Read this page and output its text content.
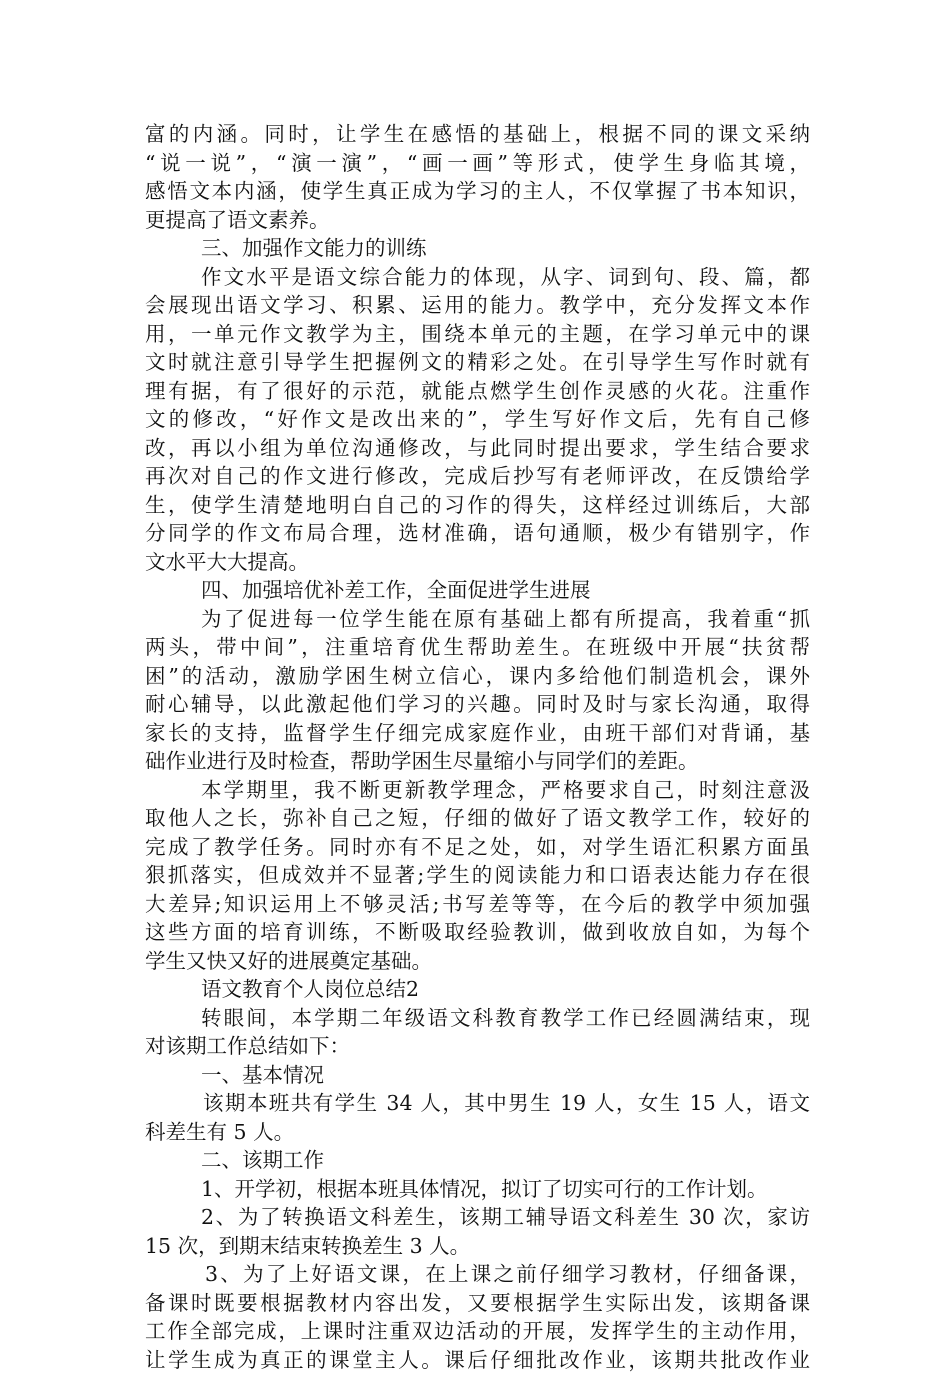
富的内涵。同时，让学生在感悟的基础上，根据不同的课文采纳
“说一说”，“演一演”，“画一画”等形式，使学生身临其境，
感悟文本内涵，使学生真正成为学习的主人，不仅掌握了书本知识，
更提高了语文素养。
三、加强作文能力的训练
作文水平是语文综合能力的体现，从字、词到句、段、篇，都
会展现出语文学习、积累、运用的能力。教学中，充分发挥文本作
用，一单元作文教学为主，围绕本单元的主题，在学习单元中的课
文时就注意引导学生把握例文的精彩之处。在引导学生写作时就有
理有据，有了很好的示范，就能点燃学生创作灵感的火花。注重作
文的修改，“好作文是改出来的”，学生写好作文后，先有自己修
改，再以小组为单位沟通修改，与此同时提出要求，学生结合要求
再次对自己的作文进行修改，完成后抄写有老师评改，在反馈给学
生，使学生清楚地明白自己的习作的得失，这样经过训练后，大部
分同学的作文布局合理，选材准确，语句通顺，极少有错别字，作
文水平大大提高。
四、加强培优补差工作，全面促进学生进展
为了促进每一位学生能在原有基础上都有所提高，我着重“抓
两头，带中间”，注重培育优生帮助差生。在班级中开展“扶贫帮
困”的活动，激励学困生树立信心，课内多给他们制造机会，课外
耐心辅导，以此激起他们学习的兴趣。同时及时与家长沟通，取得
家长的支持，监督学生仔细完成家庭作业，由班干部们对背诵，基
础作业进行及时检查，帮助学困生尽量缩小与同学们的差距。
本学期里，我不断更新教学理念，严格要求自己，时刻注意汲
取他人之长，弥补自己之短，仔细的做好了语文教学工作，较好的
完成了教学任务。同时亦有不足之处，如，对学生语汇积累方面虽
狠抓落实，但成效并不显著;学生的阅读能力和口语表达能力存在很
大差异;知识运用上不够灵活;书写差等等，在今后的教学中须加强
这些方面的培育训练，不断吸取经验教训，做到收放自如，为每个
学生又快又好的进展奠定基础。
语文教育个人岗位总结2
转眼间，本学期二年级语文科教育教学工作已经圆满结束，现
对该期工作总结如下：
一、基本情况
该期本班共有学生 34 人，其中男生 19 人，女生 15 人，语文
科差生有 5 人。
二、该期工作
1、开学初，根据本班具体情况，拟订了切实可行的工作计划。
2、为了转换语文科差生，该期工辅导语文科差生 30 次，家访
15 次，到期末结束转换差生 3 人。
3、为了上好语文课，在上课之前仔细学习教材，仔细备课，
备课时既要根据教材内容出发，又要根据学生实际出发，该期备课
工作全部完成，上课时注重双边活动的开展，发挥学生的主动作用，
让学生成为真正的课堂主人。课后仔细批改作业，该期共批改作业
